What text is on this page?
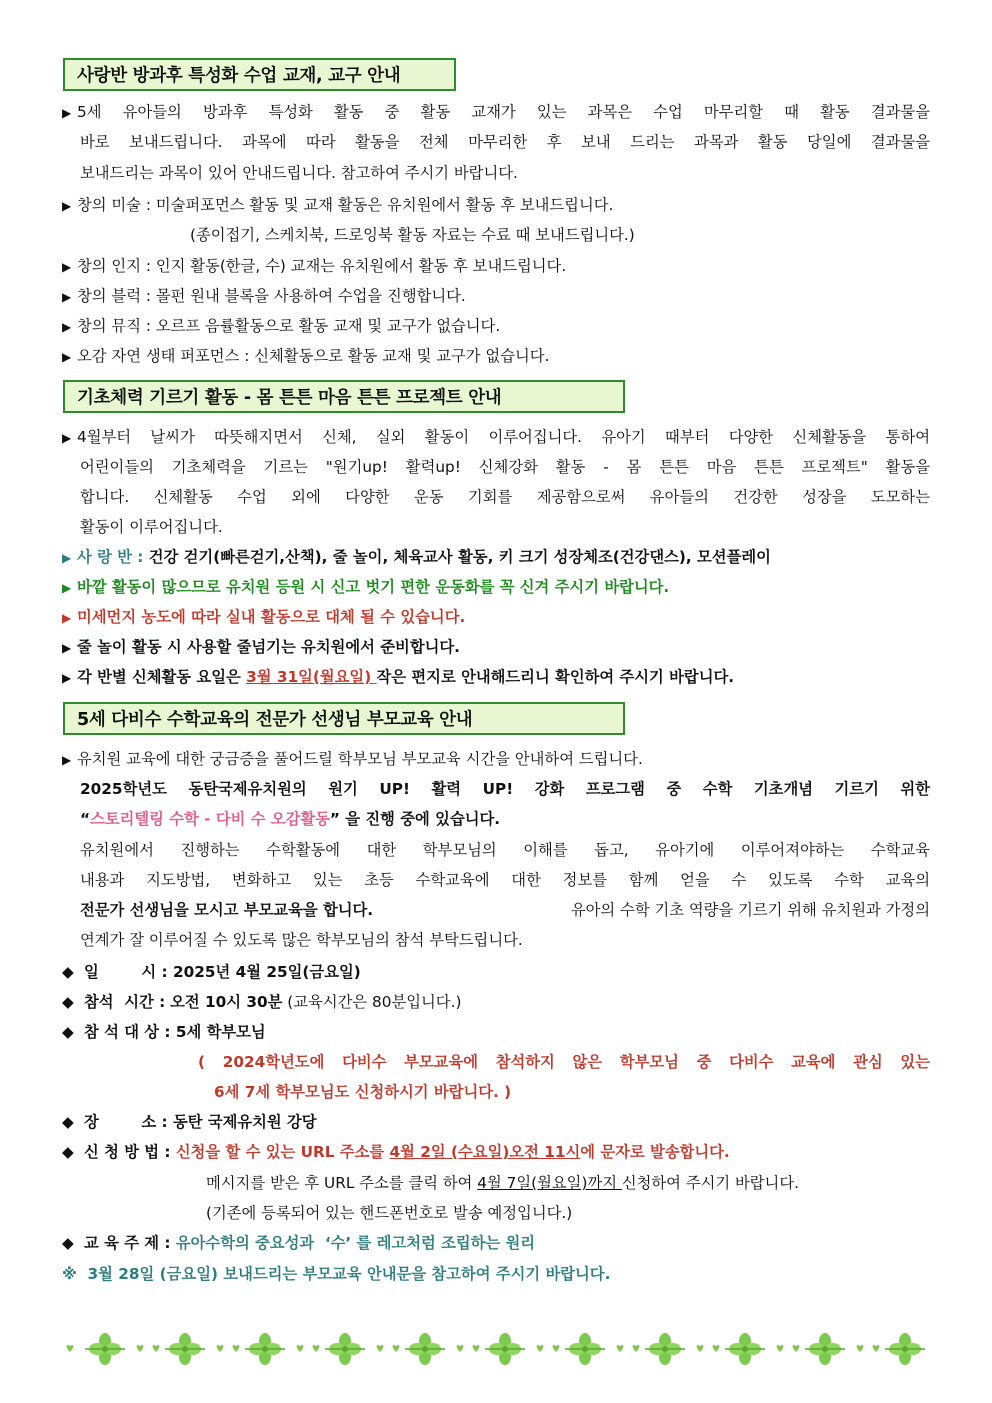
사랑반 방과후 특성화 수업 교재, 교구 안내
▶ 5세 유아들의 방과후 특성화 활동 중 활동 교재가 있는 과목은 수업 마무리할 때 활동 결과물을
바로 보내드립니다. 과목에 따라 활동을 전체 마무리한 후 보내 드리는 과목과 활동 당일에 결과물을
보내드리는 과목이 있어 안내드립니다. 참고하여 주시기 바랍니다.
▶ 창의 미술 : 미술퍼포먼스 활동 및 교재 활동은 유치원에서 활동 후 보내드립니다.
(종이접기, 스케치북, 드로잉북 활동 자료는 수료 때 보내드립니다.)
▶ 창의 인지 : 인지 활동(한글, 수) 교재는 유치원에서 활동 후 보내드립니다.
▶ 창의 블럭 : 몰펀 원내 블록을 사용하여 수업을 진행합니다.
▶ 창의 뮤직 : 오르프 음률활동으로 활동 교재 및 교구가 없습니다.
▶ 오감 자연 생태 퍼포먼스 : 신체활동으로 활동 교재 및 교구가 없습니다.
기초체력 기르기 활동 - 몸 튼튼 마음 튼튼 프로젝트 안내
▶ 4월부터 날씨가 따뜻해지면서 신체, 실외 활동이 이루어집니다. 유아기 때부터 다양한 신체활동을 통하여
어린이들의 기초체력을 기르는 "원기up! 활력up! 신체강화 활동 - 몸 튼튼 마음 튼튼 프로젝트" 활동을
합니다. 신체활동 수업 외에 다양한 운동 기회를 제공함으로써 유아들의 건강한 성장을 도모하는
활동이 이루어집니다.
▶ 사 랑 반 : 건강 걷기(빠른걷기,산책), 줄 놀이, 체육교사 활동, 키 크기 성장체조(건강댄스), 모션플레이
▶ 바깥 활동이 많으므로 유치원 등원 시 신고 벗기 편한 운동화를 꼭 신겨 주시기 바랍니다.
▶ 미세먼지 농도에 따라 실내 활동으로 대체 될 수 있습니다.
▶ 줄 놀이 활동 시 사용할 줄넘기는 유치원에서 준비합니다.
▶ 각 반별 신체활동 요일은 3월 31일(월요일) 작은 편지로 안내해드리니 확인하여 주시기 바랍니다.
5세 다비수 수학교육의 전문가 선생님 부모교육 안내
▶ 유치원 교육에 대한 궁금증을 풀어드릴 학부모님 부모교육 시간을 안내하여 드립니다.
2025학년도 동탄국제유치원의 원기 UP! 활력 UP! 강화 프로그램 중 수학 기초개념 기르기 위한
“스토리텔링 수학 - 다비 수 오감활동” 을 진행 중에 있습니다.
유치원에서 진행하는 수학활동에 대한 학부모님의 이해를 돕고, 유아기에 이루어져야하는 수학교육
내용과 지도방법, 변화하고 있는 초등 수학교육에 대한 정보를 함께 얻을 수 있도록 수학 교육의
전문가 선생님을 모시고 부모교육을 합니다.	유아의 수학 기초 역량을 기르기 위해 유치원과 가정의
연계가 잘 이루어질 수 있도록 많은 학부모님의 참석 부탁드립니다.
◆ 일        시 : 2025년 4월 25일(금요일)
◆ 참석  시간 : 오전 10시 30분 (교육시간은 80분입니다.)
◆ 참 석 대 상 : 5세 학부모님
( 2024학년도에 다비수 부모교육에 참석하지 않은 학부모님 중 다비수 교육에 관심 있는
6세 7세 학부모님도 신청하시기 바랍니다. )
◆ 장        소 : 동탄 국제유치원 강당
◆ 신 청 방 법 : 신청을 할 수 있는 URL 주소를 4월 2일 (수요일)오전 11시에 문자로 발송합니다.
메시지를 받은 후 URL 주소를 클릭 하여 4월 7일(월요일)까지 신청하여 주시기 바랍니다.
(기존에 등록되어 있는 핸드폰번호로 발송 예정입니다.)
◆ 교 육 주 제 : 유아수학의 중요성과  ‘수’ 를 레고처럼 조립하는 원리
※  3월 28일 (금요일) 보내드리는 부모교육 안내문을 참고하여 주시기 바랍니다.
